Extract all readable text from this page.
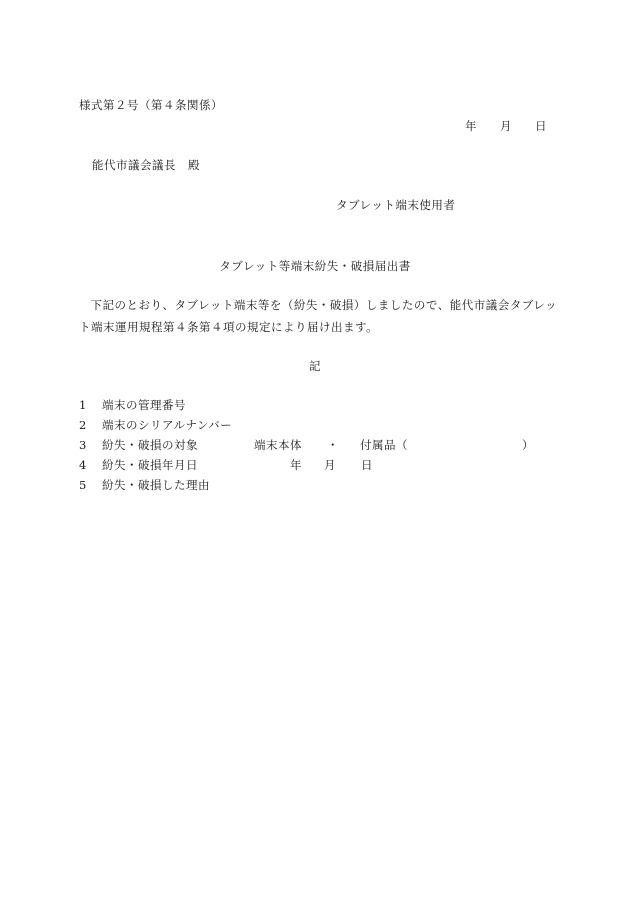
様式第２号（第４条関係）
年 月 日
能代市議会議長　殿
タブレット端末使用者
タブレット等端末紛失・破損届出書
下記のとおり、タブレット端末等を（紛失・破損）しましたので、能代市議会タブレット端末運用規程第４条第４項の規定により届け出ます。
記
1 端末の管理番号
2 端末のシリアルナンバー
3 紛失・破損の対象	端末本体 ・ 付属品（	）
4 紛失・破損年月日	年 月 日
5 紛失・破損した理由
